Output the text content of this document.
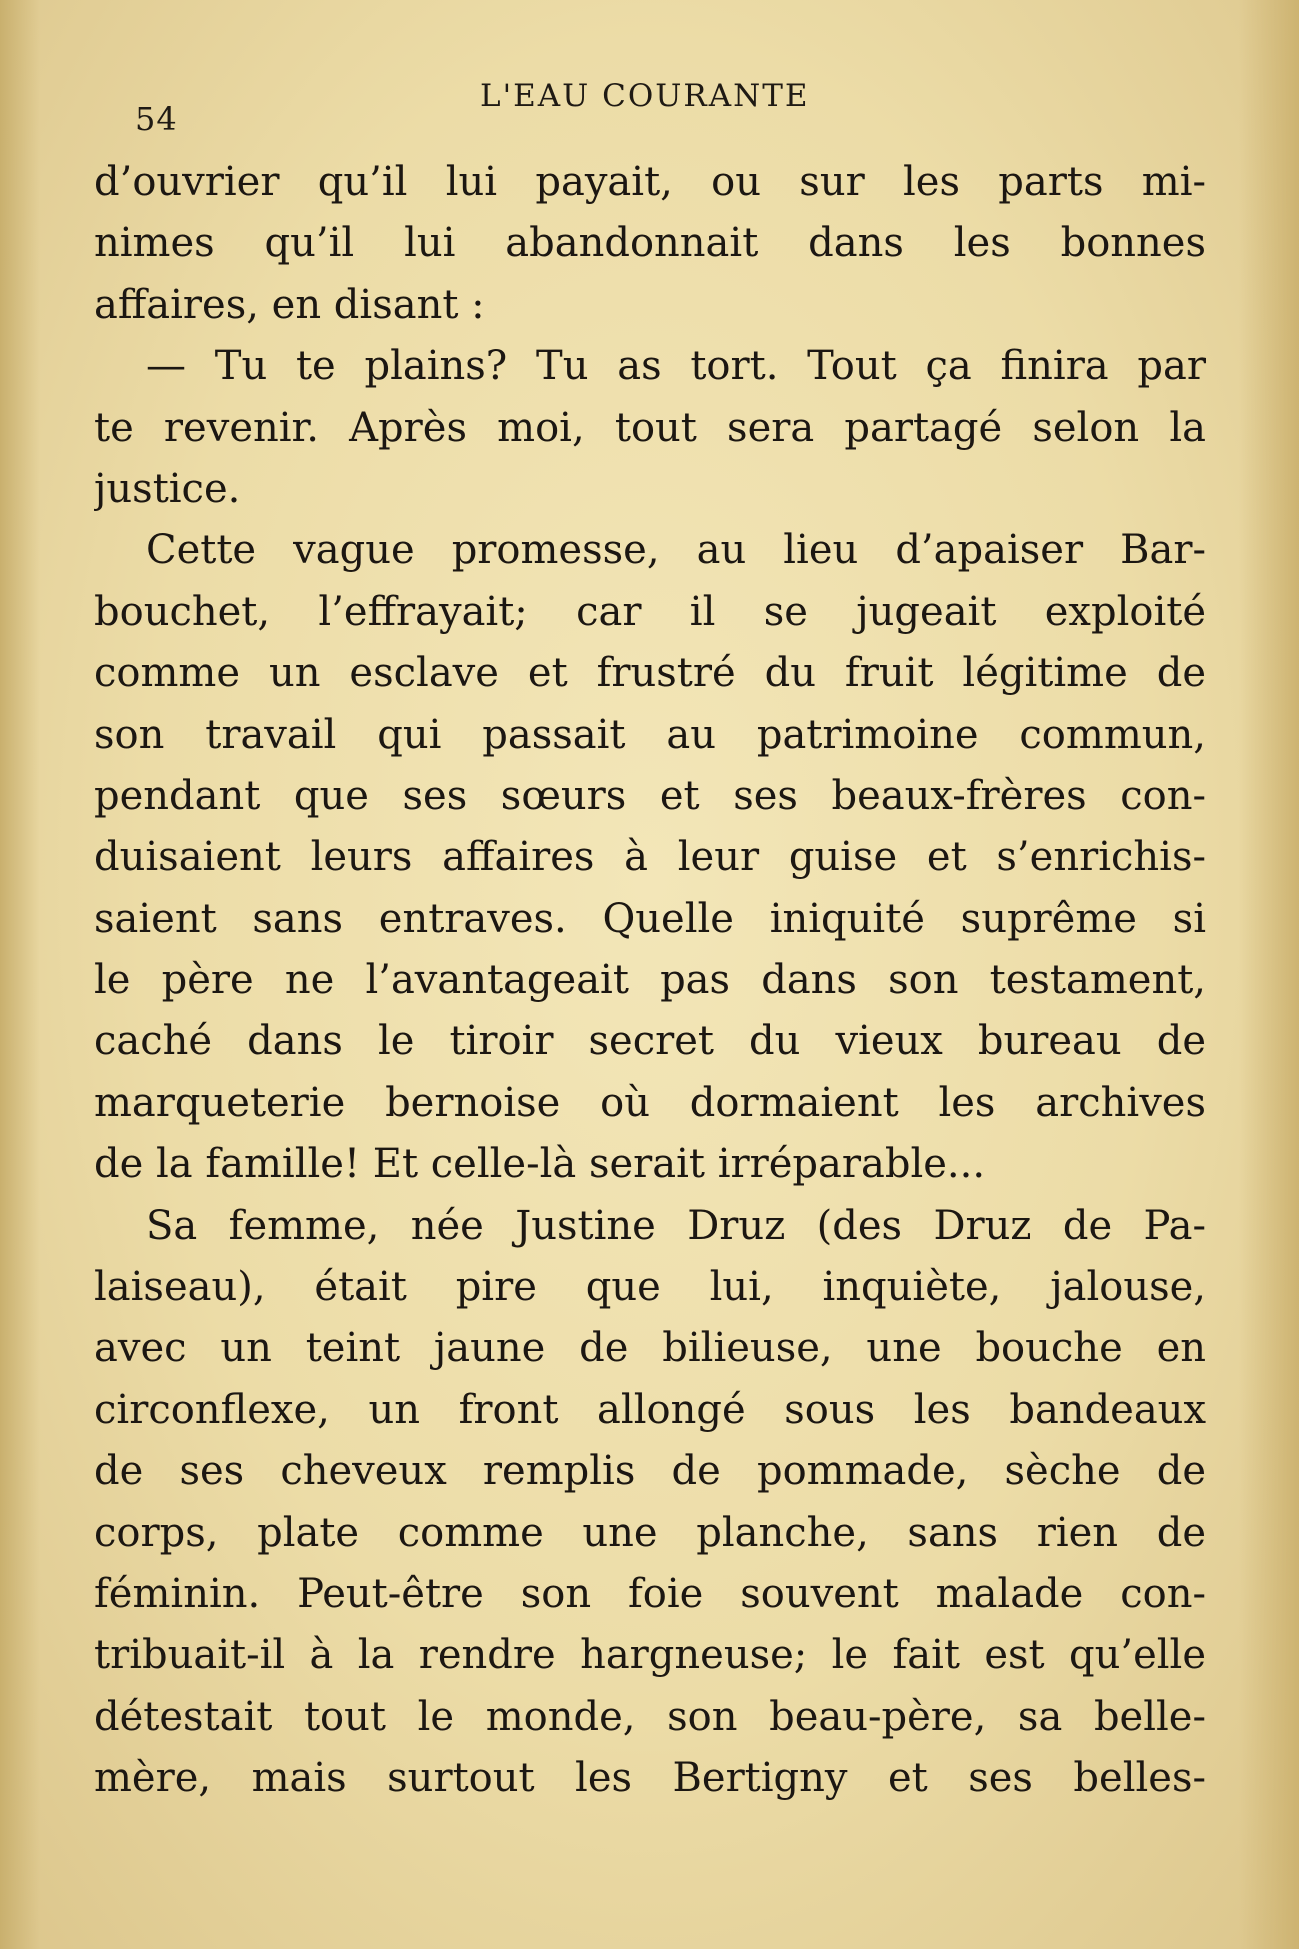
54
L'EAU COURANTE
d’ouvrier qu’il lui payait, ou sur les parts mi-
nimes qu’il lui abandonnait dans les bonnes
affaires, en disant :
— Tu te plains? Tu as tort. Tout ça finira par
te revenir. Après moi, tout sera partagé selon la
justice.
Cette vague promesse, au lieu d’apaiser Bar-
bouchet, l’effrayait; car il se jugeait exploité
comme un esclave et frustré du fruit légitime de
son travail qui passait au patrimoine commun,
pendant que ses sœurs et ses beaux-frères con-
duisaient leurs affaires à leur guise et s’enrichis-
saient sans entraves. Quelle iniquité suprême si
le père ne l’avantageait pas dans son testament,
caché dans le tiroir secret du vieux bureau de
marqueterie bernoise où dormaient les archives
de la famille! Et celle-là serait irréparable...
Sa femme, née Justine Druz (des Druz de Pa-
laiseau), était pire que lui, inquiète, jalouse,
avec un teint jaune de bilieuse, une bouche en
circonflexe, un front allongé sous les bandeaux
de ses cheveux remplis de pommade, sèche de
corps, plate comme une planche, sans rien de
féminin. Peut-être son foie souvent malade con-
tribuait-il à la rendre hargneuse; le fait est qu’elle
détestait tout le monde, son beau-père, sa belle-
mère, mais surtout les Bertigny et ses belles-
